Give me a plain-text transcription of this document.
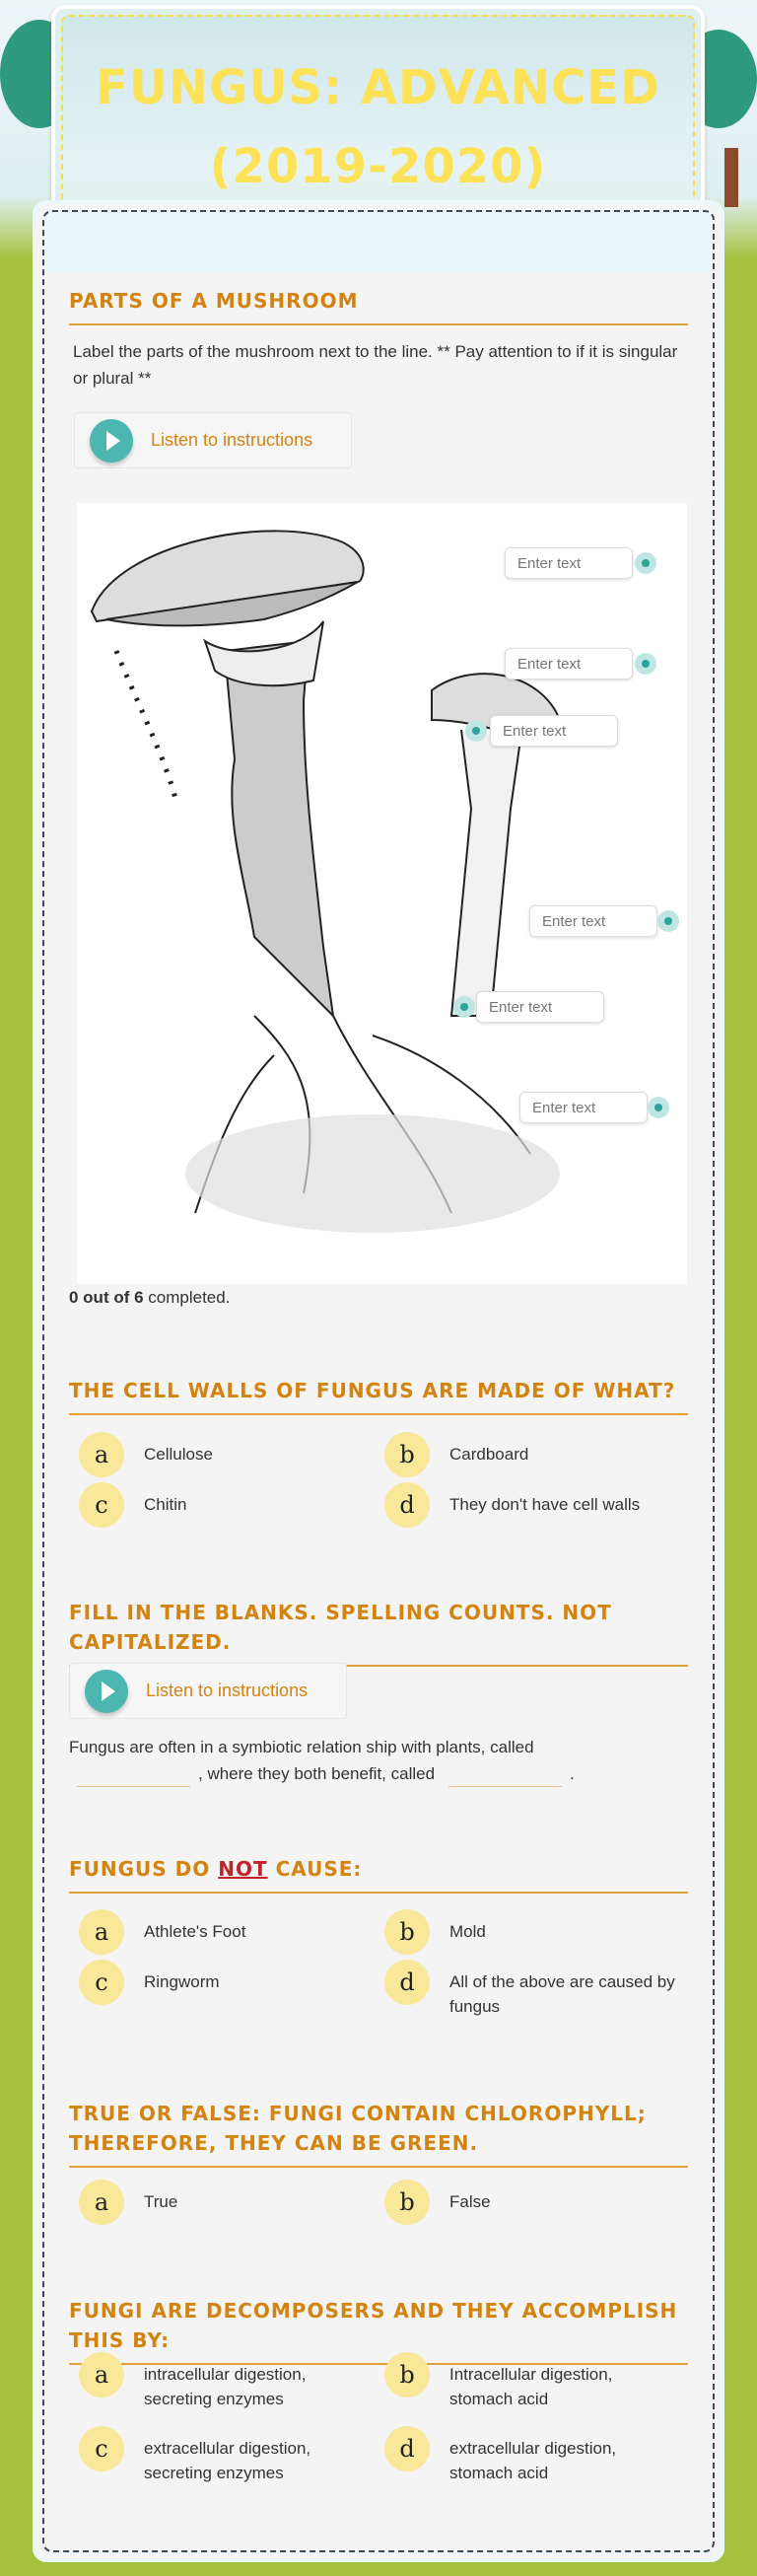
FUNGUS: ADVANCED (2019-2020)
PARTS OF A MUSHROOM
Label the parts of the mushroom next to the line. ** Pay attention to if it is singular or plural **
Listen to instructions
Enter text
Enter text
Enter text
Enter text
Enter text
Enter text
0 out of 6 completed.
THE CELL WALLS OF FUNGUS ARE MADE OF WHAT?
a	Cellulose	b	Cardboard
c	Chitin	d	They don't have cell walls
FILL IN THE BLANKS. SPELLING COUNTS. NOT CAPITALIZED.
Listen to instructions
Fungus are often in a symbiotic relation ship with plants, called
, where they both benefit, called	.
FUNGUS DO NOT CAUSE:
a	Athlete's Foot	b	Mold
c	Ringworm	d	All of the above are caused by fungus
TRUE OR FALSE: FUNGI CONTAIN CHLOROPHYLL; THEREFORE, THEY CAN BE GREEN.
a	True	b	False
FUNGI ARE DECOMPOSERS AND THEY ACCOMPLISH THIS BY:
a	intracellular digestion, secreting enzymes
b	Intracellular digestion, stomach acid
c	extracellular digestion, secreting enzymes
d	extracellular digestion, stomach acid
